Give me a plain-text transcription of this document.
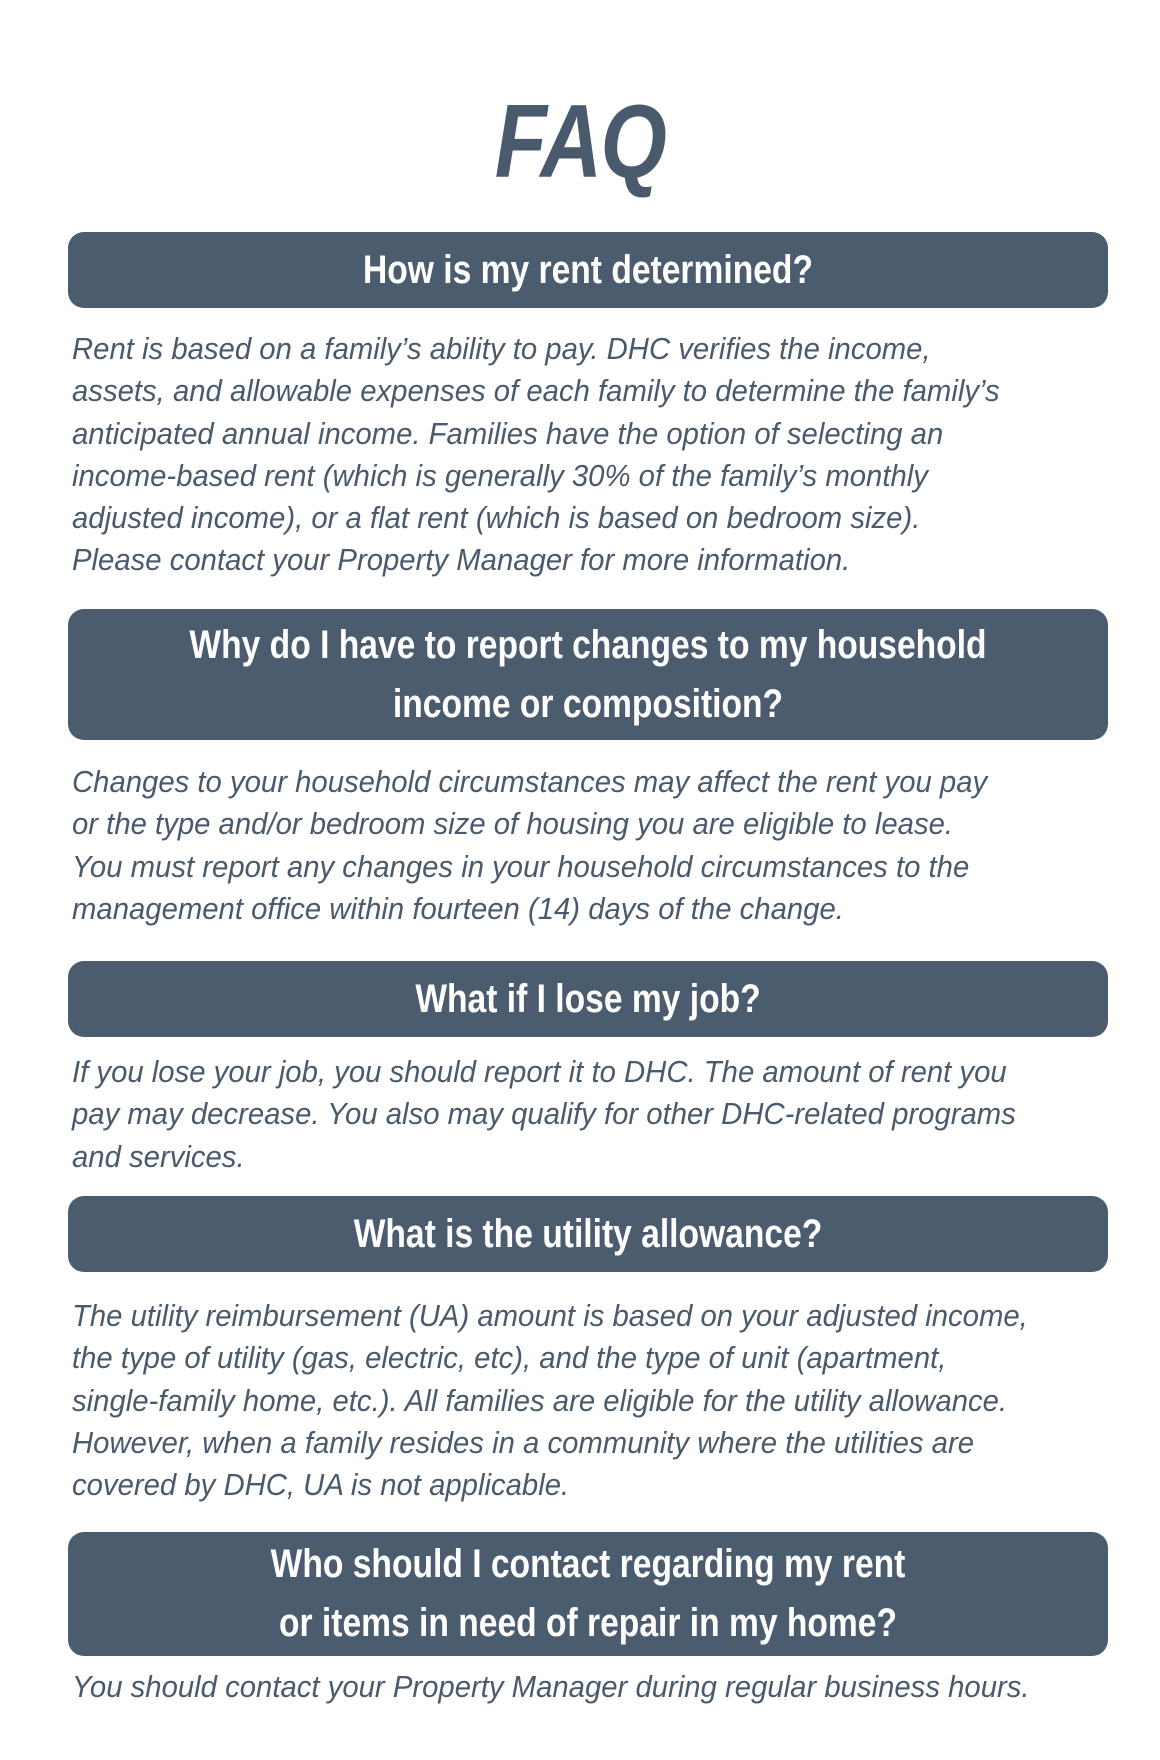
FAQ
How is my rent determined?
Rent is based on a family’s ability to pay. DHC verifies the income,
assets, and allowable expenses of each family to determine the family’s
anticipated annual income. Families have the option of selecting an
income-based rent (which is generally 30% of the family’s monthly
adjusted income), or a flat rent (which is based on bedroom size).
Please contact your Property Manager for more information.
Why do I have to report changes to my household
income or composition?
Changes to your household circumstances may affect the rent you pay
or the type and/or bedroom size of housing you are eligible to lease.
You must report any changes in your household circumstances to the
management office within fourteen (14) days of the change.
What if I lose my job?
If you lose your job, you should report it to DHC. The amount of rent you
pay may decrease. You also may qualify for other DHC-related programs
and services.
What is the utility allowance?
The utility reimbursement (UA) amount is based on your adjusted income,
the type of utility (gas, electric, etc), and the type of unit (apartment,
single-family home, etc.). All families are eligible for the utility allowance.
However, when a family resides in a community where the utilities are
covered by DHC, UA is not applicable.
Who should I contact regarding my rent
or items in need of repair in my home?
You should contact your Property Manager during regular business hours.
